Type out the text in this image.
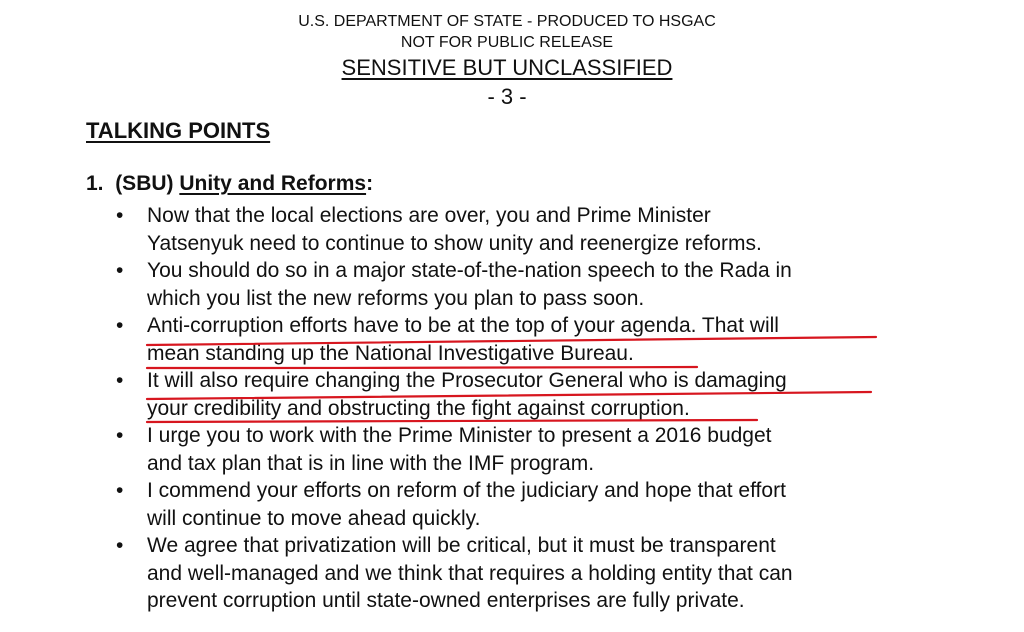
U.S. DEPARTMENT OF STATE - PRODUCED TO HSGAC
NOT FOR PUBLIC RELEASE
SENSITIVE BUT UNCLASSIFIED
- 3 -
TALKING POINTS
1. (SBU) Unity and Reforms:
• Now that the local elections are over, you and Prime Minister
Yatsenyuk need to continue to show unity and reenergize reforms.
• You should do so in a major state-of-the-nation speech to the Rada in
which you list the new reforms you plan to pass soon.
• Anti-corruption efforts have to be at the top of your agenda. That will
mean standing up the National Investigative Bureau.
• It will also require changing the Prosecutor General who is damaging
your credibility and obstructing the fight against corruption.
• I urge you to work with the Prime Minister to present a 2016 budget
and tax plan that is in line with the IMF program.
• I commend your efforts on reform of the judiciary and hope that effort
will continue to move ahead quickly.
• We agree that privatization will be critical, but it must be transparent
and well-managed and we think that requires a holding entity that can
prevent corruption until state-owned enterprises are fully private.
